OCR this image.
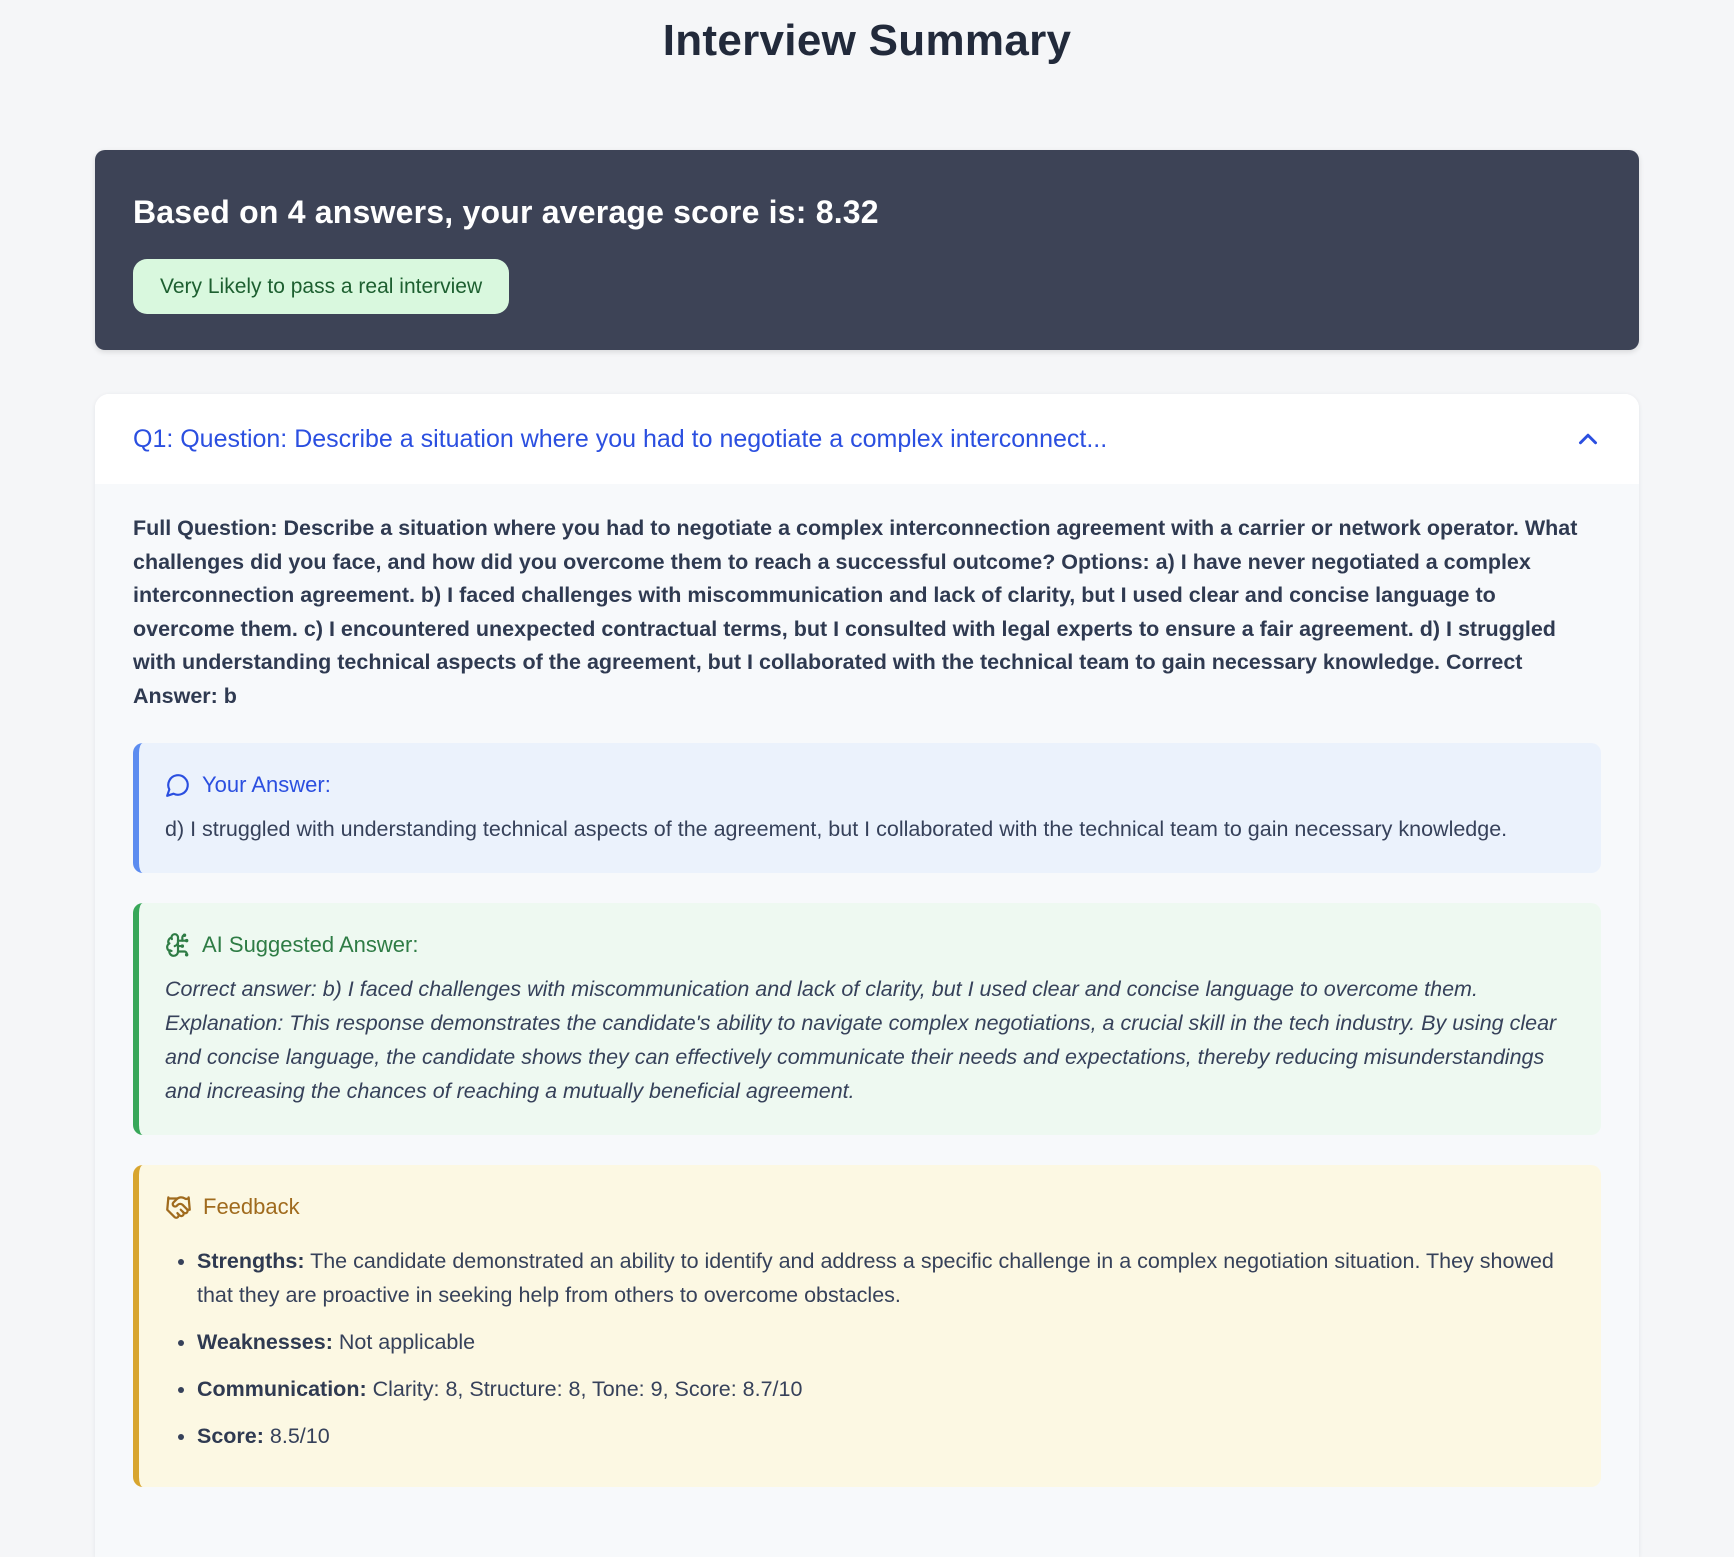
Interview Summary
Based on 4 answers, your average score is: 8.32
Very Likely to pass a real interview
Q1: Question: Describe a situation where you had to negotiate a complex interconnect...

Full Question: Describe a situation where you had to negotiate a complex interconnection agreement with a carrier or network operator. What challenges did you face, and how did you overcome them to reach a successful outcome? Options: a) I have never negotiated a complex interconnection agreement. b) I faced challenges with miscommunication and lack of clarity, but I used clear and concise language to overcome them. c) I encountered unexpected contractual terms, but I consulted with legal experts to ensure a fair agreement. d) I struggled with understanding technical aspects of the agreement, but I collaborated with the technical team to gain necessary knowledge. Correct Answer: b

Your Answer:

d) I struggled with understanding technical aspects of the agreement, but I collaborated with the technical team to gain necessary knowledge.

AI Suggested Answer:

Correct answer: b) I faced challenges with miscommunication and lack of clarity, but I used clear and concise language to overcome them. Explanation: This response demonstrates the candidate's ability to navigate complex negotiations, a crucial skill in the tech industry. By using clear and concise language, the candidate shows they can effectively communicate their needs and expectations, thereby reducing misunderstandings and increasing the chances of reaching a mutually beneficial agreement.

Feedback
• Strengths: The candidate demonstrated an ability to identify and address a specific challenge in a complex negotiation situation. They showed that they are proactive in seeking help from others to overcome obstacles.
• Weaknesses: Not applicable
• Communication: Clarity: 8, Structure: 8, Tone: 9, Score: 8.7/10
• Score: 8.5/10
